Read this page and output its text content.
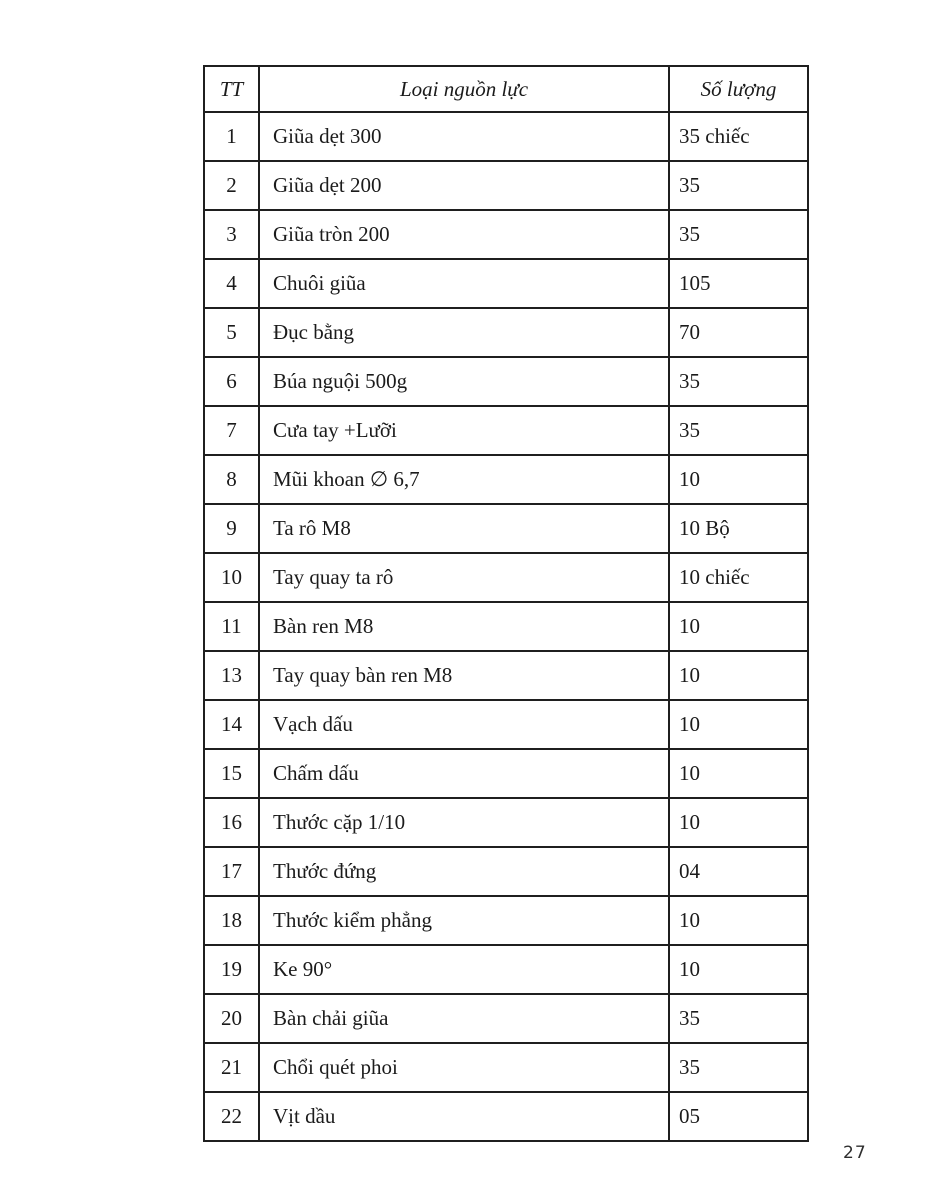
TT	Loại nguồn lực	Số lượng
1	Giũa dẹt 300	35 chiếc
2	Giũa dẹt 200	35
3	Giũa tròn 200	35
4	Chuôi giũa	105
5	Đục bằng	70
6	Búa nguội 500g	35
7	Cưa tay +Lưỡi	35
8	Mũi khoan ∅ 6,7	10
9	Ta rô M8	10 Bộ
10	Tay quay ta rô	10 chiếc
11	Bàn ren M8	10
13	Tay quay bàn ren M8	10
14	Vạch dấu	10
15	Chấm dấu	10
16	Thước cặp 1/10	10
17	Thước đứng	04
18	Thước kiểm phẳng	10
19	Ke 90°	10
20	Bàn chải giũa	35
21	Chổi quét phoi	35
22	Vịt dầu	05
27
